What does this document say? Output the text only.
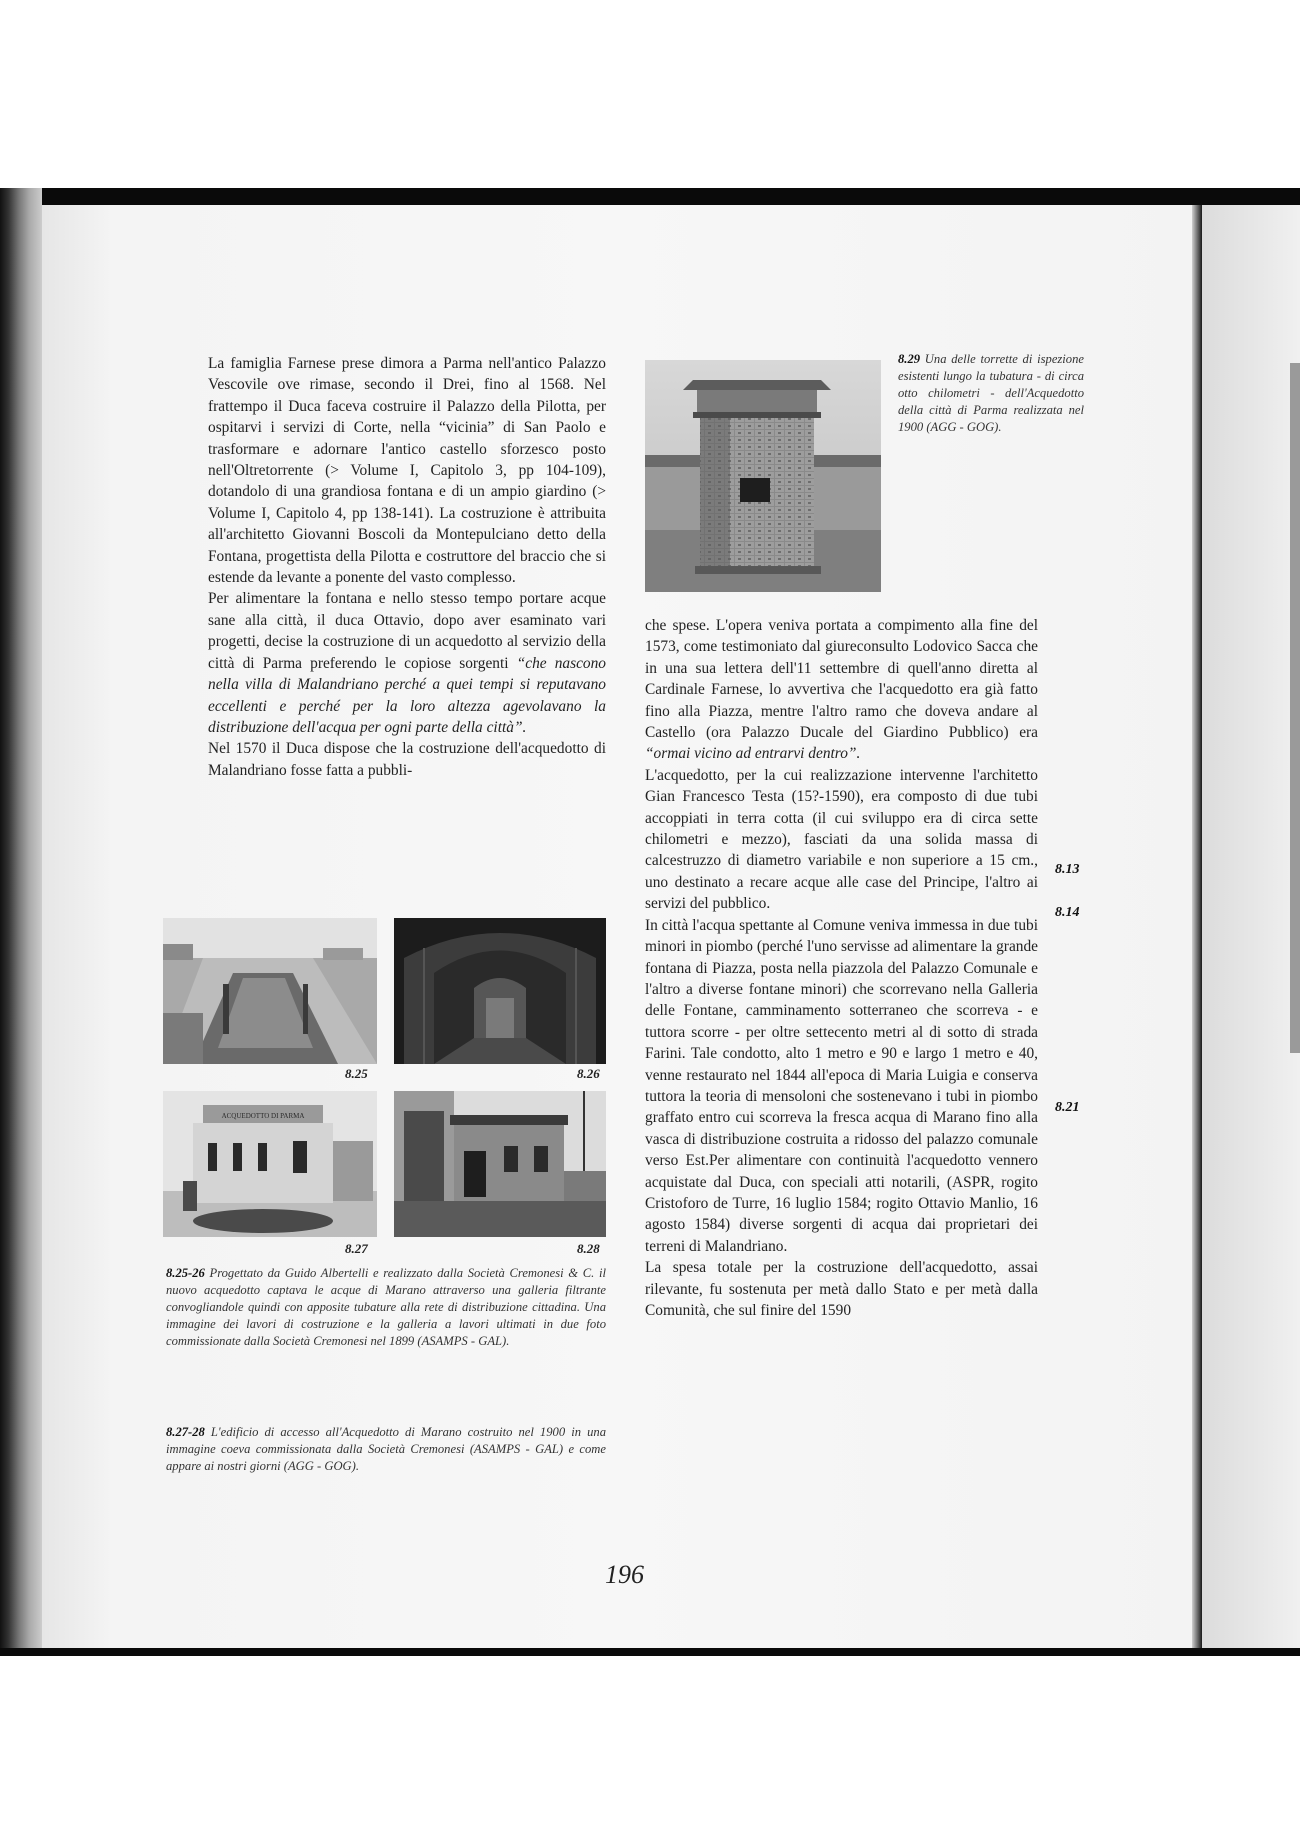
8.29 Una delle torrette di ispezione esistenti lungo la tubatura - di circa otto chilometri - dell'Acquedotto della città di Parma realizzata nel 1900 (AGG - GOG).

La famiglia Farnese prese dimora a Parma nell'antico Palazzo Vescovile ove rimase, secondo il Drei, fino al 1568. Nel frattempo il Duca faceva costruire il Palazzo della Pilotta, per ospitarvi i servizi di Corte, nella “vicinia” di San Paolo e trasformare e adornare l'antico castello sforzesco posto nell'Oltretorrente (> Volume I, Capitolo 3, pp 104-109), dotandolo di una grandiosa fontana e di un ampio giardino (> Volume I, Capitolo 4, pp 138-141). La costruzione è attribuita all'architetto Giovanni Boscoli da Montepulciano detto della Fontana, progettista della Pilotta e costruttore del braccio che si estende da levante a ponente del vasto complesso.

Per alimentare la fontana e nello stesso tempo portare acque sane alla città, il duca Ottavio, dopo aver esaminato vari progetti, decise la costruzione di un acquedotto al servizio della città di Parma preferendo le copiose sorgenti “che nascono nella villa di Malandriano perché a quei tempi si reputavano eccellenti e perché per la loro altezza agevolavano la distribuzione dell'acqua per ogni parte della città”.

Nel 1570 il Duca dispose che la costruzione dell'acquedotto di Malandriano fosse fatta a pubbli-

che spese. L'opera veniva portata a compimento alla fine del 1573, come testimoniato dal giureconsulto Lodovico Sacca che in una sua lettera dell'11 settembre di quell'anno diretta al Cardinale Farnese, lo avvertiva che l'acquedotto era già fatto fino alla Piazza, mentre l'altro ramo che doveva andare al Castello (ora Palazzo Ducale del Giardino Pubblico) era “ormai vicino ad entrarvi dentro”.

L'acquedotto, per la cui realizzazione intervenne l'architetto Gian Francesco Testa (15?-1590), era composto di due tubi accoppiati in terra cotta (il cui sviluppo era di circa sette chilometri e mezzo), fasciati da una solida massa di calcestruzzo di diametro variabile e non superiore a 15 cm., uno destinato a recare acque alle case del Principe, l'altro ai servizi del pubblico.

In città l'acqua spettante al Comune veniva immessa in due tubi minori in piombo (perché l'uno servisse ad alimentare la grande fontana di Piazza, posta nella piazzola del Palazzo Comunale e l'altro a diverse fontane minori) che scorrevano nella Galleria delle Fontane, camminamento sotterraneo che scorreva - e tuttora scorre - per oltre settecento metri al di sotto di strada Farini. Tale condotto, alto 1 metro e 90 e largo 1 metro e 40, venne restaurato nel 1844 all'epoca di Maria Luigia e conserva tuttora la teoria di mensoloni che sostenevano i tubi in piombo graffato entro cui scorreva la fresca acqua di Marano fino alla vasca di distribuzione costruita a ridosso del palazzo comunale verso Est.Per alimentare con continuità l'acquedotto vennero acquistate dal Duca, con speciali atti notarili, (ASPR, rogito Cristoforo de Turre, 16 luglio 1584; rogito Ottavio Manlio, 16 agosto 1584) diverse sorgenti di acqua dai proprietari dei terreni di Malandriano.

La spesa totale per la costruzione dell'acquedotto, assai rilevante, fu sostenuta per metà dallo Stato e per metà dalla Comunità, che sul finire del 1590

8.13
8.14
8.21
8.25	8.26
ACQUEDOTTO DI PARMA
8.27	8.28
8.25-26 Progettato da Guido Albertelli e realizzato dalla Società Cremonesi & C. il nuovo acquedotto captava le acque di Marano attraverso una galleria filtrante convogliandole quindi con apposite tubature alla rete di distribuzione cittadina. Una immagine dei lavori di costruzione e la galleria a lavori ultimati in due foto commissionate dalla Società Cremonesi nel 1899 (ASAMPS - GAL).
8.27-28 L'edificio di accesso all'Acquedotto di Marano costruito nel 1900 in una immagine coeva commissionata dalla Società Cremonesi (ASAMPS - GAL) e come appare ai nostri giorni (AGG - GOG).
196
